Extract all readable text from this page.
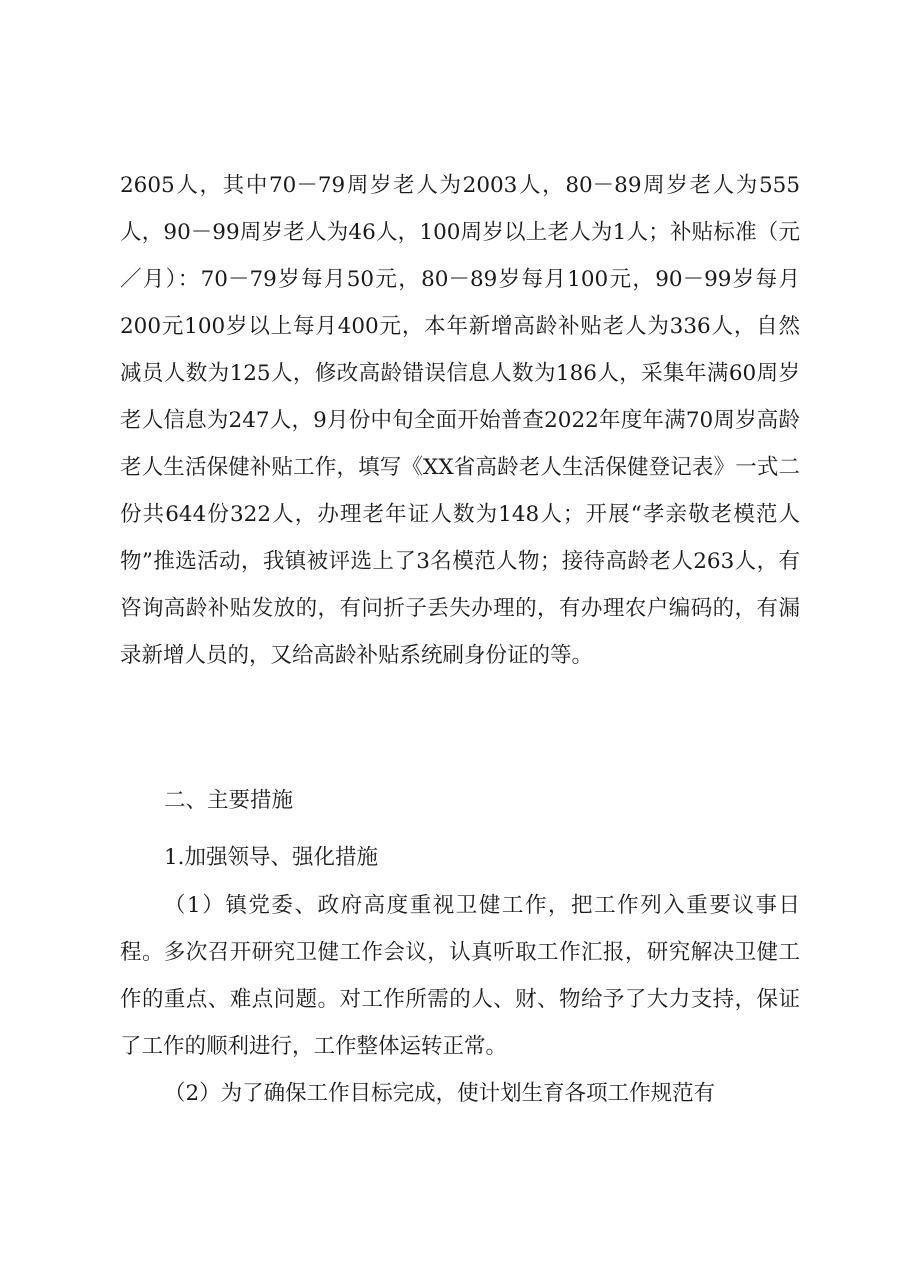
2605人，其中70－79周岁老人为2003人，80－89周岁老人为555人，90－99周岁老人为46人，100周岁以上老人为1人；补贴标准（元／月）：70－79岁每月50元，80－89岁每月100元，90－99岁每月200元100岁以上每月400元，本年新增高龄补贴老人为336人，自然减员人数为125人，修改高龄错误信息人数为186人，采集年满60周岁老人信息为247人，9月份中旬全面开始普查2022年度年满70周岁高龄老人生活保健补贴工作，填写《XX省高龄老人生活保健登记表》一式二份共644份322人，办理老年证人数为148人；开展“孝亲敬老模范人物”推选活动，我镇被评选上了3名模范人物；接待高龄老人263人，有咨询高龄补贴发放的，有问折子丢失办理的，有办理农户编码的，有漏录新增人员的，又给高龄补贴系统刷身份证的等。

二、主要措施

1.加强领导、强化措施

（1）镇党委、政府高度重视卫健工作，把工作列入重要议事日程。多次召开研究卫健工作会议，认真听取工作汇报，研究解决卫健工作的重点、难点问题。对工作所需的人、财、物给予了大力支持，保证了工作的顺利进行，工作整体运转正常。

（2）为了确保工作目标完成，使计划生育各项工作规范有
